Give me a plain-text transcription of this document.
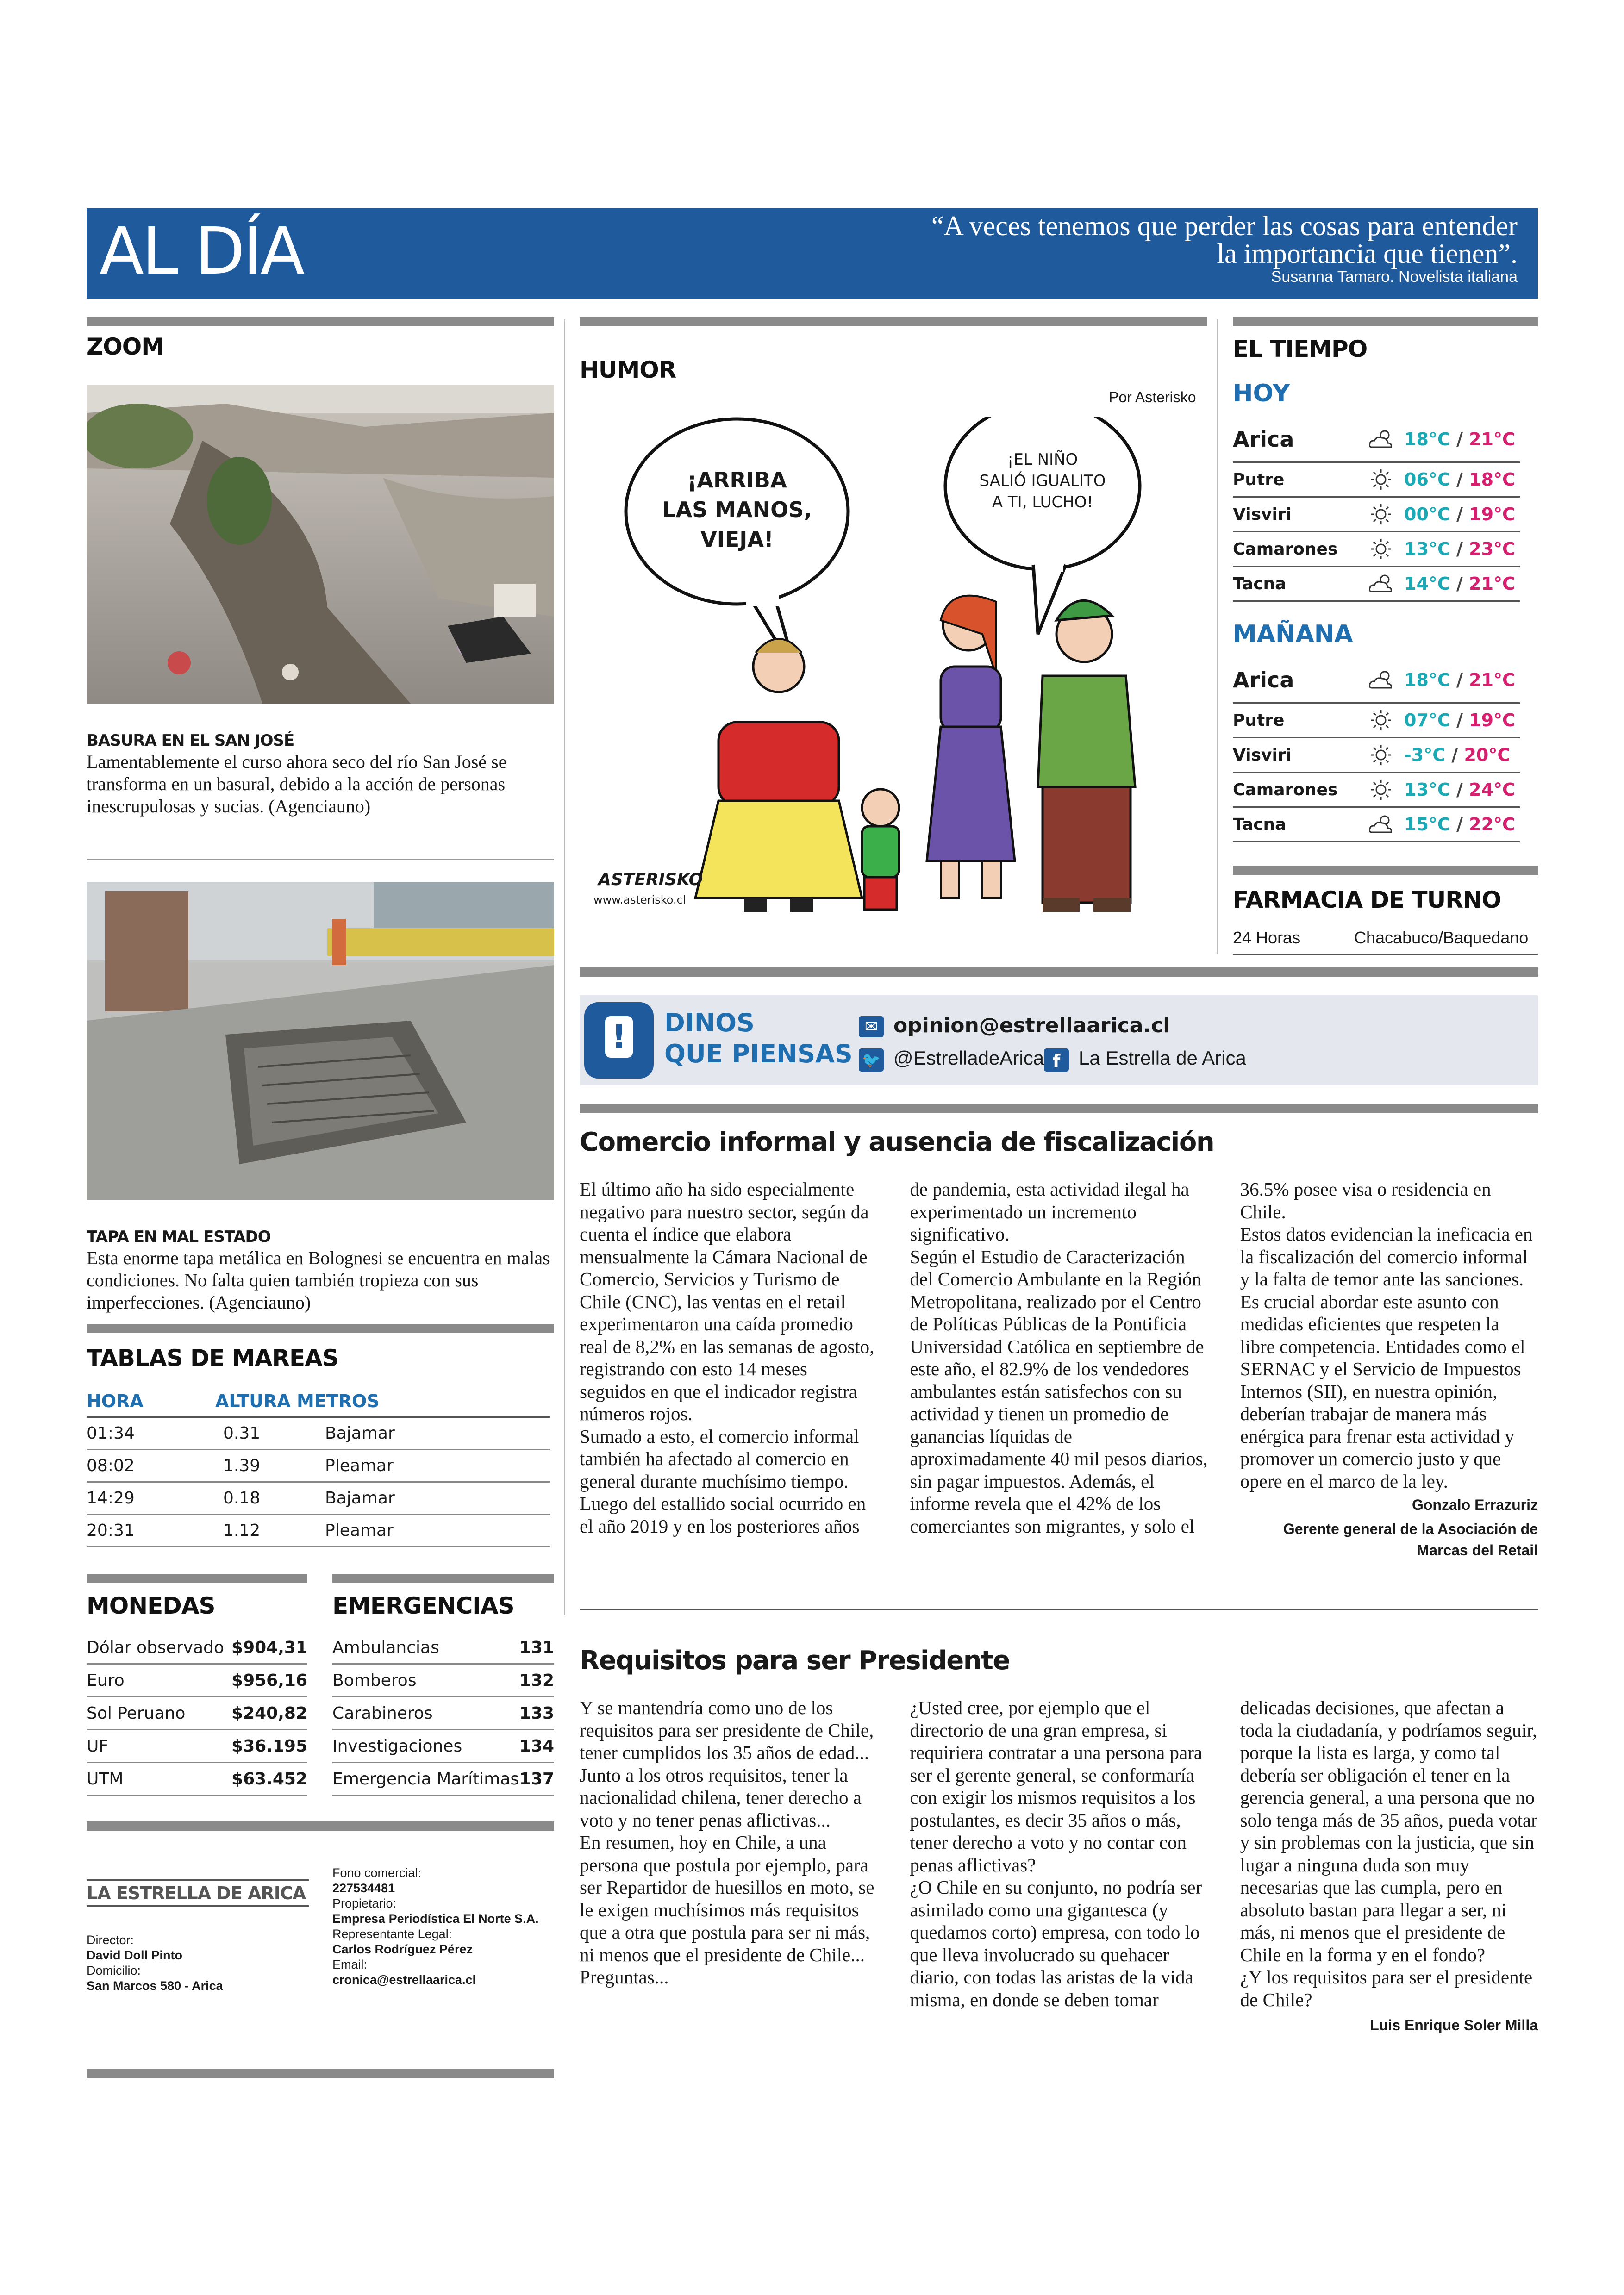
AL DÍA	“A veces tenemos que perder las cosas para entender
la importancia que tienen”.
Susanna Tamaro. Novelista italiana
ZOOM
BASURA EN EL SAN JOSÉ
Lamentablemente el curso ahora seco del río San José se transforma en un basural, debido a la acción de personas inescrupulosas y sucias. (Agenciauno)
TAPA EN MAL ESTADO
Esta enorme tapa metálica en Bolognesi se encuentra en malas condiciones. No falta quien también tropieza con sus imperfecciones. (Agenciauno)
TABLAS DE MAREAS
HORA	ALTURA METROS
01:34	0.31	Bajamar
08:02	1.39	Pleamar
14:29	0.18	Bajamar
20:31	1.12	Pleamar
MONEDAS	EMERGENCIAS
Dólar observado $904,31
Euro	$956,16
Sol Peruano	$240,82
UF	$36.195
UTM	$63.452
Ambulancias	131
Bomberos	132
Carabineros	133
Investigaciones	134
Emergencia Marítimas 137
LA ESTRELLA DE ARICA
Director:
David Doll Pinto
Domicilio:
San Marcos 580 - Arica
Fono comercial:
227534481
Propietario:
Empresa Periodística El Norte S.A.
Representante Legal:
Carlos Rodríguez Pérez
Email:
cronica@estrellaarica.cl
HUMOR
Por Asterisko
¡ARRIBA
LAS MANOS,
VIEJA!
¡EL NIÑO
SALIÓ IGUALITO
A TI, LUCHO!
ASTERISKO
www.asterisko.cl
! DINOS
QUE PIENSAS
✉ opinion@estrellaarica.cl
🐦 @EstrelladeArica f La Estrella de Arica
EL TIEMPO
HOY
Arica	18°C / 21°C
Putre	06°C / 18°C
Visviri	00°C / 19°C
Camarones	13°C / 23°C
Tacna	14°C / 21°C
MAÑANA
Arica	18°C / 21°C
Putre	07°C / 19°C
Visviri	-3°C / 20°C
Camarones	13°C / 24°C
Tacna	15°C / 22°C
FARMACIA DE TURNO
24 Horas	Chacabuco/Baquedano
Comercio informal y ausencia de fiscalización

El último año ha sido especialmente negativo para nuestro sector, según da cuenta el índice que elabora mensualmente la Cámara Nacional de Comercio, Servicios y Turismo de Chile (CNC), las ventas en el retail experimentaron una caída promedio real de 8,2% en las semanas de agosto, registrando con esto 14 meses seguidos en que el indicador registra números rojos.

Sumado a esto, el comercio informal también ha afectado al comercio en general durante muchísimo tiempo. Luego del estallido social ocurrido en el año 2019 y en los posteriores años de pandemia, esta actividad ilegal ha experimentado un incremento significativo.

Según el Estudio de Caracterización del Comercio Ambulante en la Región Metropolitana, realizado por el Centro de Políticas Públicas de la Pontificia Universidad Católica en septiembre de este año, el 82.9% de los vendedores ambulantes están satisfechos con su actividad y tienen un promedio de ganancias líquidas de aproximadamente 40 mil pesos diarios, sin pagar impuestos. Además, el informe revela que el 42% de los comerciantes son migrantes, y solo el 36.5% posee visa o residencia en Chile.

Estos datos evidencian la ineficacia en la fiscalización del comercio informal y la falta de temor ante las sanciones. Es crucial abordar este asunto con medidas eficientes que respeten la libre competencia. Entidades como el SERNAC y el Servicio de Impuestos Internos (SII), en nuestra opinión, deberían trabajar de manera más enérgica para frenar esta actividad y promover un comercio justo y que opere en el marco de la ley.

Gonzalo Errazuriz
Gerente general de la Asociación de Marcas del Retail
Requisitos para ser Presidente

Y se mantendría como uno de los requisitos para ser presidente de Chile, tener cumplidos los 35 años de edad...

Junto a los otros requisitos, tener la nacionalidad chilena, tener derecho a voto y no tener penas aflictivas...

En resumen, hoy en Chile, a una persona que postula por ejemplo, para ser Repartidor de huesillos en moto, se le exigen muchísimos más requisitos que a otra que postula para ser ni más, ni menos que el presidente de Chile...

Preguntas...

¿Usted cree, por ejemplo que el directorio de una gran empresa, si requiriera contratar a una persona para ser el gerente general, se conformaría con exigir los mismos requisitos a los postulantes, es decir 35 años o más, tener derecho a voto y no contar con penas aflictivas?

¿O Chile en su conjunto, no podría ser asimilado como una gigantesca (y quedamos corto) empresa, con todo lo que lleva involucrado su quehacer diario, con todas las aristas de la vida misma, en donde se deben tomar delicadas decisiones, que afectan a toda la ciudadanía, y podríamos seguir, porque la lista es larga, y como tal debería ser obligación el tener en la gerencia general, a una persona que no solo tenga más de 35 años, pueda votar y sin problemas con la justicia, que sin lugar a ninguna duda son muy necesarias que las cumpla, pero en absoluto bastan para llegar a ser, ni más, ni menos que el presidente de Chile en la forma y en el fondo?

¿Y los requisitos para ser el presidente de Chile?

Luis Enrique Soler Milla
